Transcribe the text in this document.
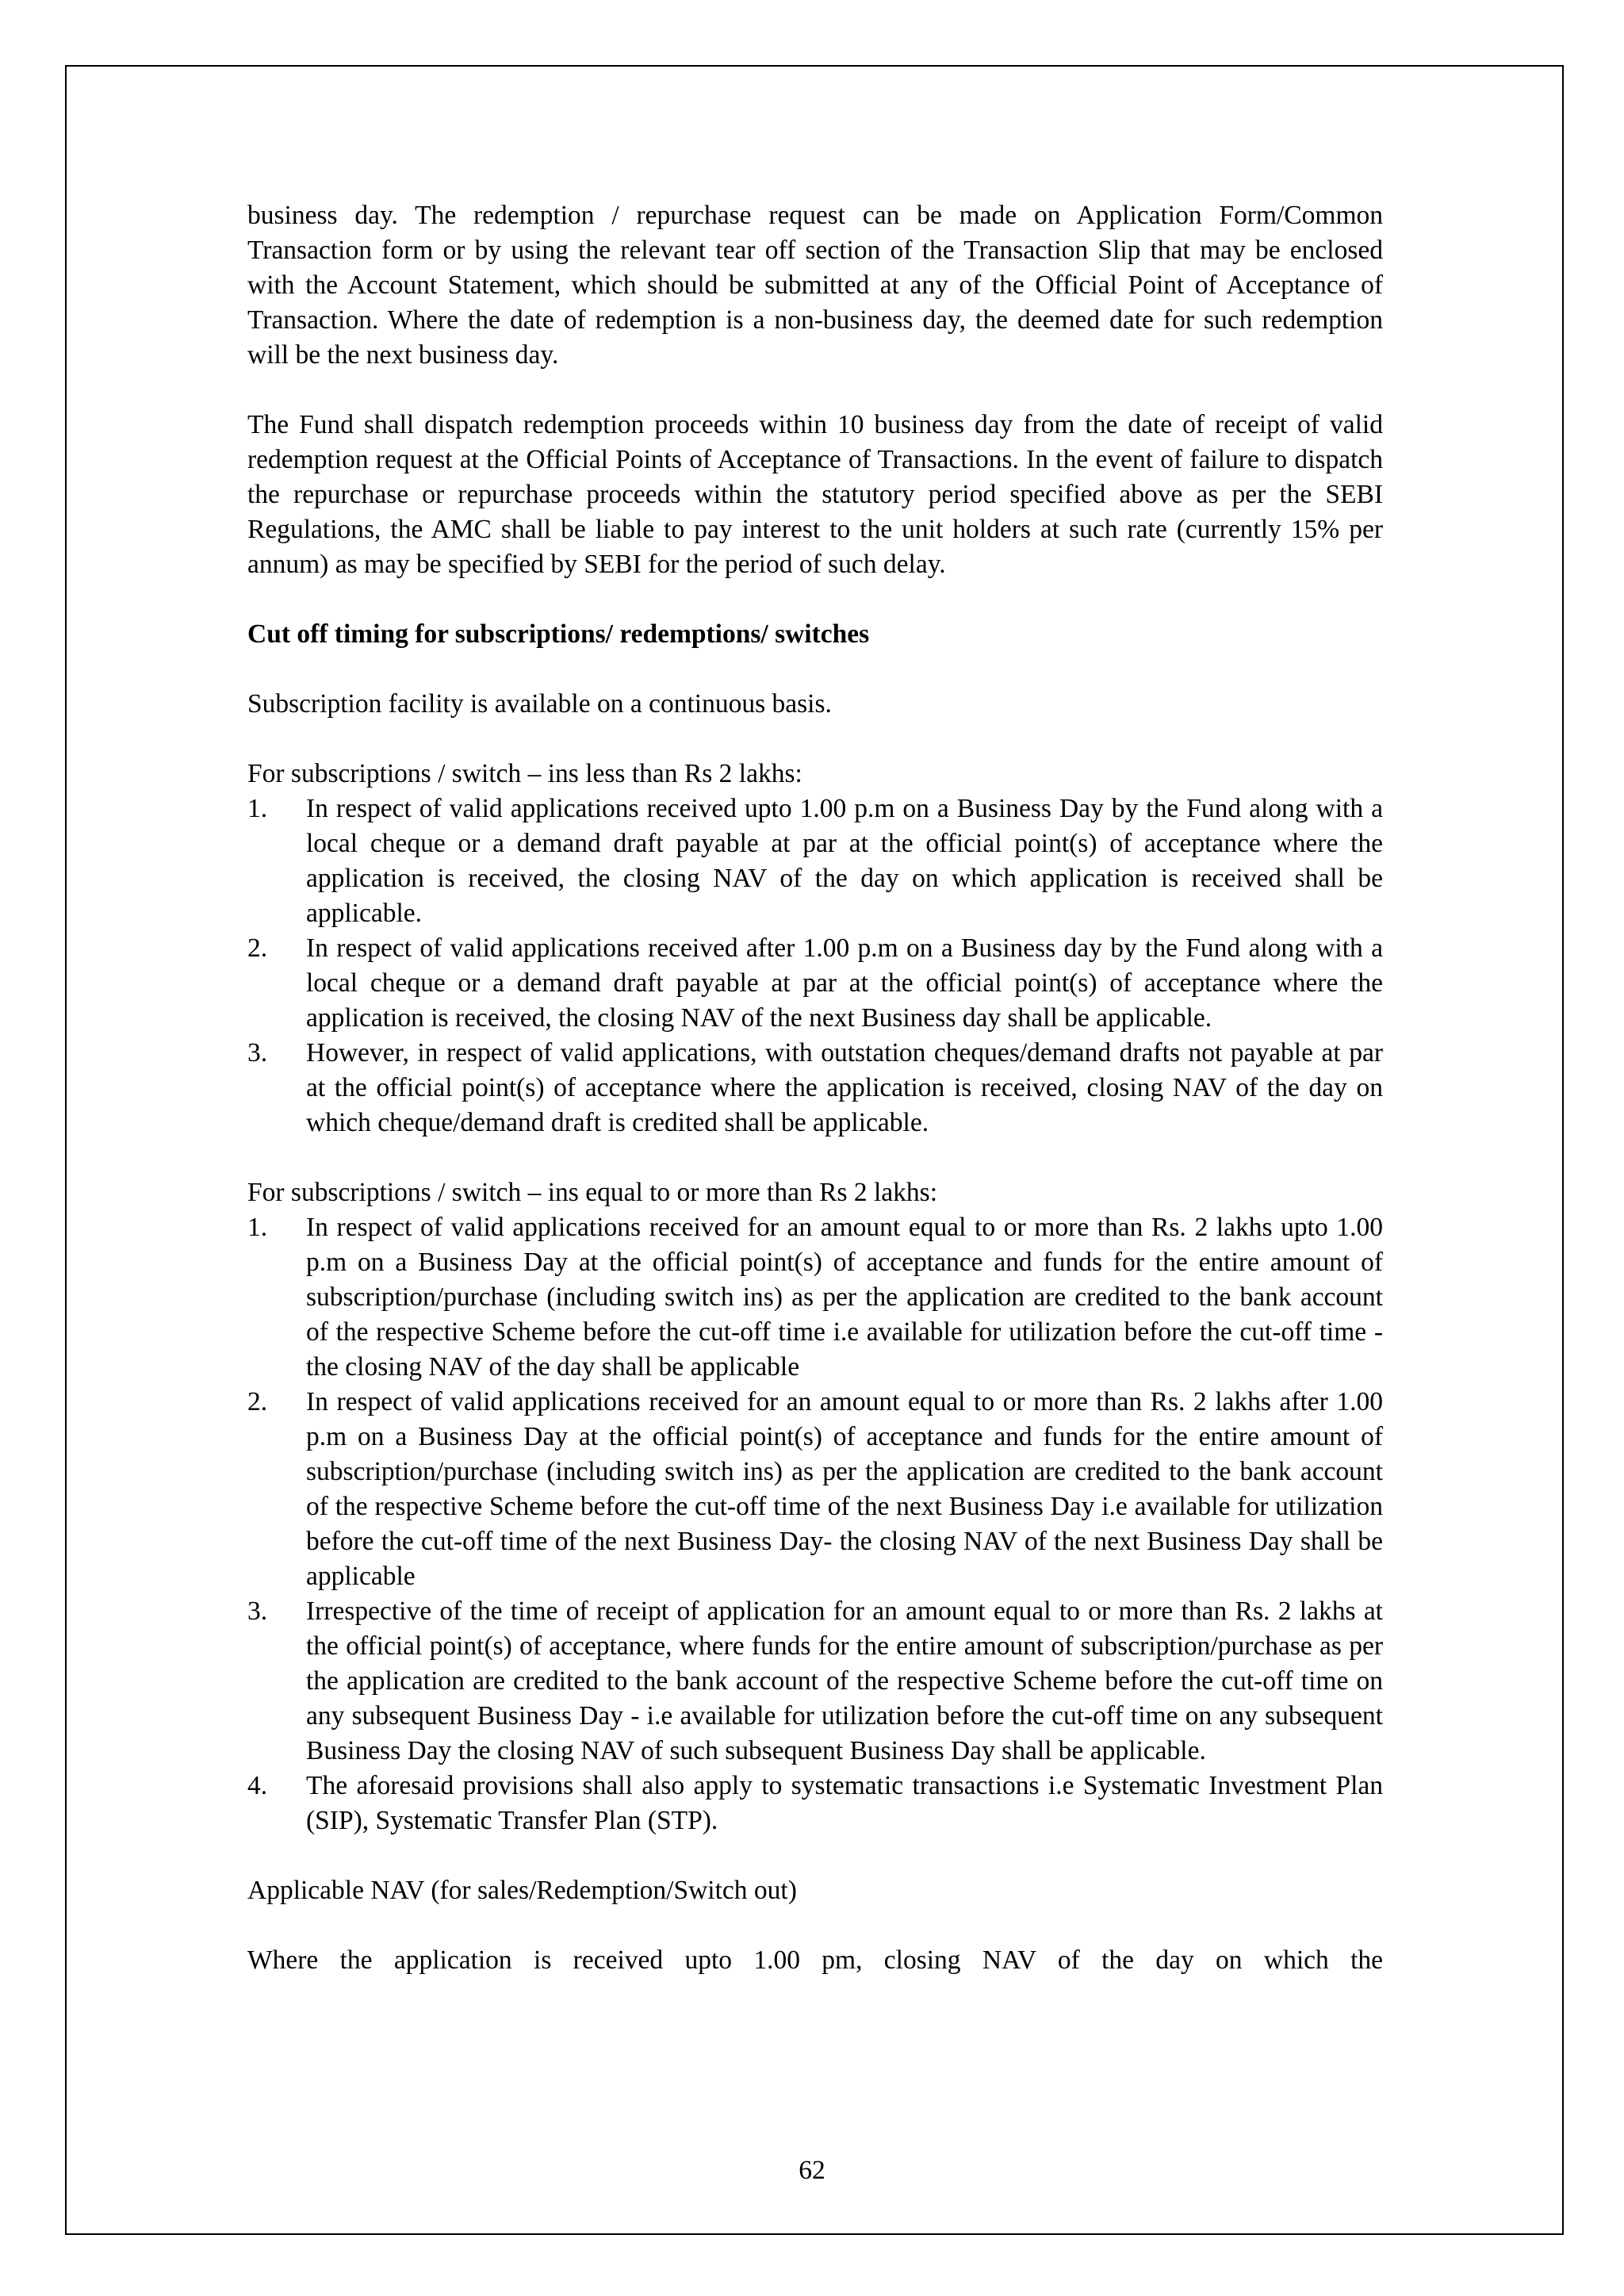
business day. The redemption / repurchase request can be made on Application Form/Common Transaction form or by using the relevant tear off section of the Transaction Slip that may be enclosed with the Account Statement, which should be submitted at any of the Official Point of Acceptance of Transaction. Where the date of redemption is a non-business day, the deemed date for such redemption will be the next business day.

The Fund shall dispatch redemption proceeds within 10 business day from the date of receipt of valid redemption request at the Official Points of Acceptance of Transactions. In the event of failure to dispatch the repurchase or repurchase proceeds within the statutory period specified above as per the SEBI Regulations, the AMC shall be liable to pay interest to the unit holders at such rate (currently 15% per annum) as may be specified by SEBI for the period of such delay.

Cut off timing for subscriptions/ redemptions/ switches

Subscription facility is available on a continuous basis.

For subscriptions / switch – ins less than Rs 2 lakhs:

1. In respect of valid applications received upto 1.00 p.m on a Business Day by the Fund along with a local cheque or a demand draft payable at par at the official point(s) of acceptance where the application is received, the closing NAV of the day on which application is received shall be applicable.
2. In respect of valid applications received after 1.00 p.m on a Business day by the Fund along with a local cheque or a demand draft payable at par at the official point(s) of acceptance where the application is received, the closing NAV of the next Business day shall be applicable.
3. However, in respect of valid applications, with outstation cheques/demand drafts not payable at par at the official point(s) of acceptance where the application is received, closing NAV of the day on which cheque/demand draft is credited shall be applicable.

For subscriptions / switch – ins equal to or more than Rs 2 lakhs:

1. In respect of valid applications received for an amount equal to or more than Rs. 2 lakhs upto 1.00 p.m on a Business Day at the official point(s) of acceptance and funds for the entire amount of subscription/purchase (including switch ins) as per the application are credited to the bank account of the respective Scheme before the cut-off time i.e available for utilization before the cut-off time - the closing NAV of the day shall be applicable
2. In respect of valid applications received for an amount equal to or more than Rs. 2 lakhs after 1.00 p.m on a Business Day at the official point(s) of acceptance and funds for the entire amount of subscription/purchase (including switch ins) as per the application are credited to the bank account of the respective Scheme before the cut-off time of the next Business Day i.e available for utilization before the cut-off time of the next Business Day- the closing NAV of the next Business Day shall be applicable
3. Irrespective of the time of receipt of application for an amount equal to or more than Rs. 2 lakhs at the official point(s) of acceptance, where funds for the entire amount of subscription/purchase as per the application are credited to the bank account of the respective Scheme before the cut-off time on any subsequent Business Day - i.e available for utilization before the cut-off time on any subsequent Business Day the closing NAV of such subsequent Business Day shall be applicable.
4. The aforesaid provisions shall also apply to systematic transactions i.e Systematic Investment Plan (SIP), Systematic Transfer Plan (STP).

Applicable NAV (for sales/Redemption/Switch out)

Where the application is received upto 1.00 pm, closing NAV of the day on which the

62
